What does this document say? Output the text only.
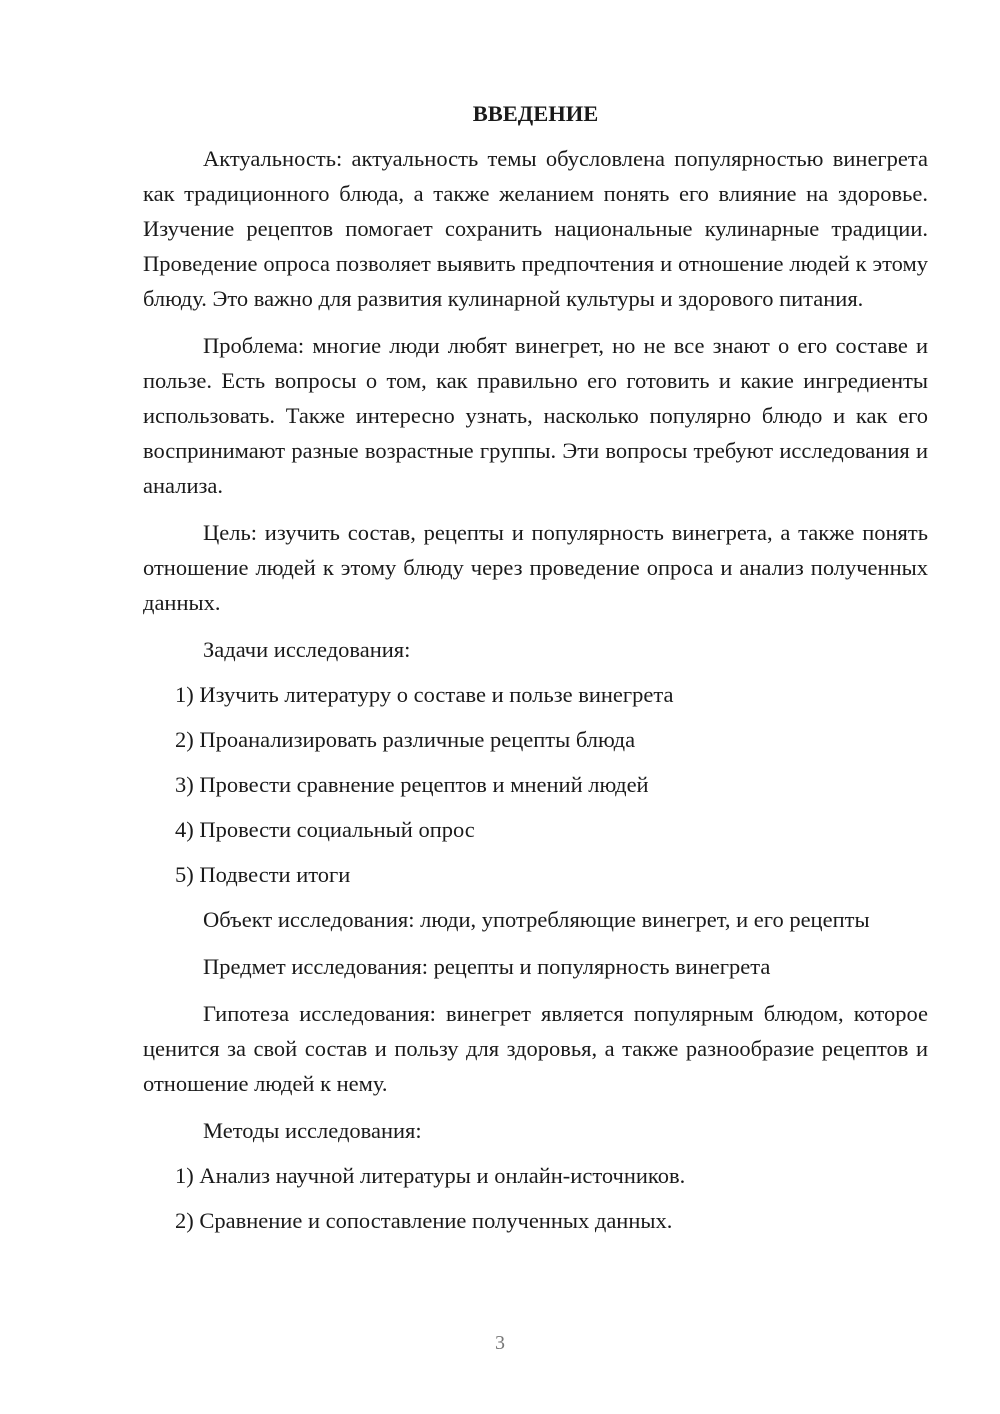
ВВЕДЕНИЕ

Актуальность: актуальность темы обусловлена популярностью винегрета как традиционного блюда, а также желанием понять его влияние на здоровье. Изучение рецептов помогает сохранить национальные кулинарные традиции. Проведение опроса позволяет выявить предпочтения и отношение людей к этому блюду. Это важно для развития кулинарной культуры и здорового питания.

Проблема: многие люди любят винегрет, но не все знают о его составе и пользе. Есть вопросы о том, как правильно его готовить и какие ингредиенты использовать. Также интересно узнать, насколько популярно блюдо и как его воспринимают разные возрастные группы. Эти вопросы требуют исследования и анализа.

Цель: изучить состав, рецепты и популярность винегрета, а также понять отношение людей к этому блюду через проведение опроса и анализ полученных данных.

Задачи исследования:

1) Изучить литературу о составе и пользе винегрета
2) Проанализировать различные рецепты блюда
3) Провести сравнение рецептов и мнений людей
4) Провести социальный опрос
5) Подвести итоги

Объект исследования: люди, употребляющие винегрет, и его рецепты

Предмет исследования: рецепты и популярность винегрета

Гипотеза исследования: винегрет является популярным блюдом, которое ценится за свой состав и пользу для здоровья, а также разнообразие рецептов и отношение людей к нему.

Методы исследования:

1) Анализ научной литературы и онлайн-источников.
2) Сравнение и сопоставление полученных данных.
3
